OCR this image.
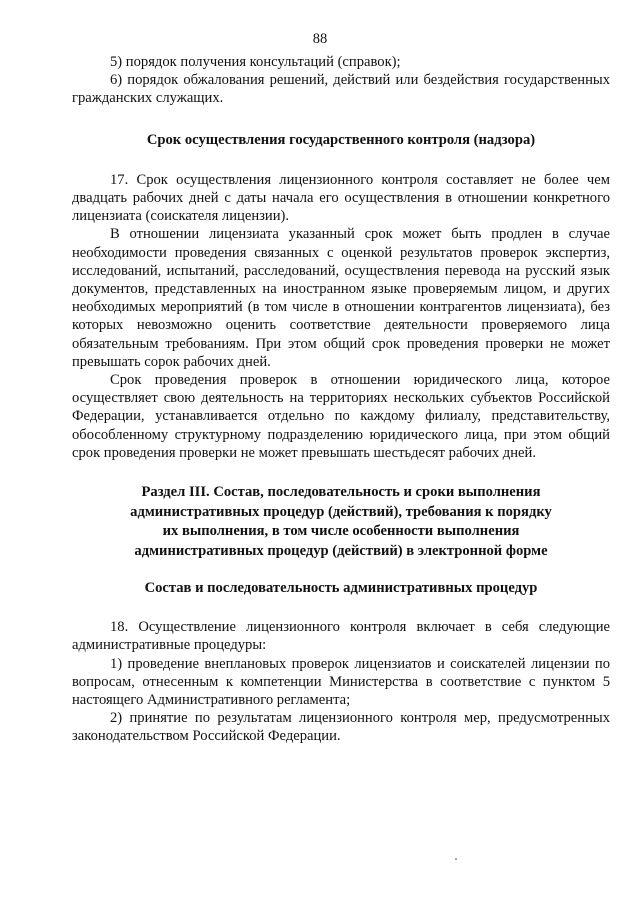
88

5) порядок получения консультаций (справок);

6) порядок обжалования решений, действий или бездействия государственных гражданских служащих.

Срок осуществления государственного контроля (надзора)

17. Срок осуществления лицензионного контроля составляет не более чем двадцать рабочих дней с даты начала его осуществления в отношении конкретного лицензиата (соискателя лицензии).

В отношении лицензиата указанный срок может быть продлен в случае необходимости проведения связанных с оценкой результатов проверок экспертиз, исследований, испытаний, расследований, осуществления перевода на русский язык документов, представленных на иностранном языке проверяемым лицом, и других необходимых мероприятий (в том числе в отношении контрагентов лицензиата), без которых невозможно оценить соответствие деятельности проверяемого лица обязательным требованиям. При этом общий срок проведения проверки не может превышать сорок рабочих дней.

Срок проведения проверок в отношении юридического лица, которое осуществляет свою деятельность на территориях нескольких субъектов Российской Федерации, устанавливается отдельно по каждому филиалу, представительству, обособленному структурному подразделению юридического лица, при этом общий срок проведения проверки не может превышать шестьдесят рабочих дней.

Раздел III. Состав, последовательность и сроки выполнения
административных процедур (действий), требования к порядку
их выполнения, в том числе особенности выполнения
административных процедур (действий) в электронной форме

Состав и последовательность административных процедур

18. Осуществление лицензионного контроля включает в себя следующие административные процедуры:

1) проведение внеплановых проверок лицензиатов и соискателей лицензии по вопросам, отнесенным к компетенции Министерства в соответствие с пунктом 5 настоящего Административного регламента;

2) принятие по результатам лицензионного контроля мер, предусмотренных законодательством Российской Федерации.
